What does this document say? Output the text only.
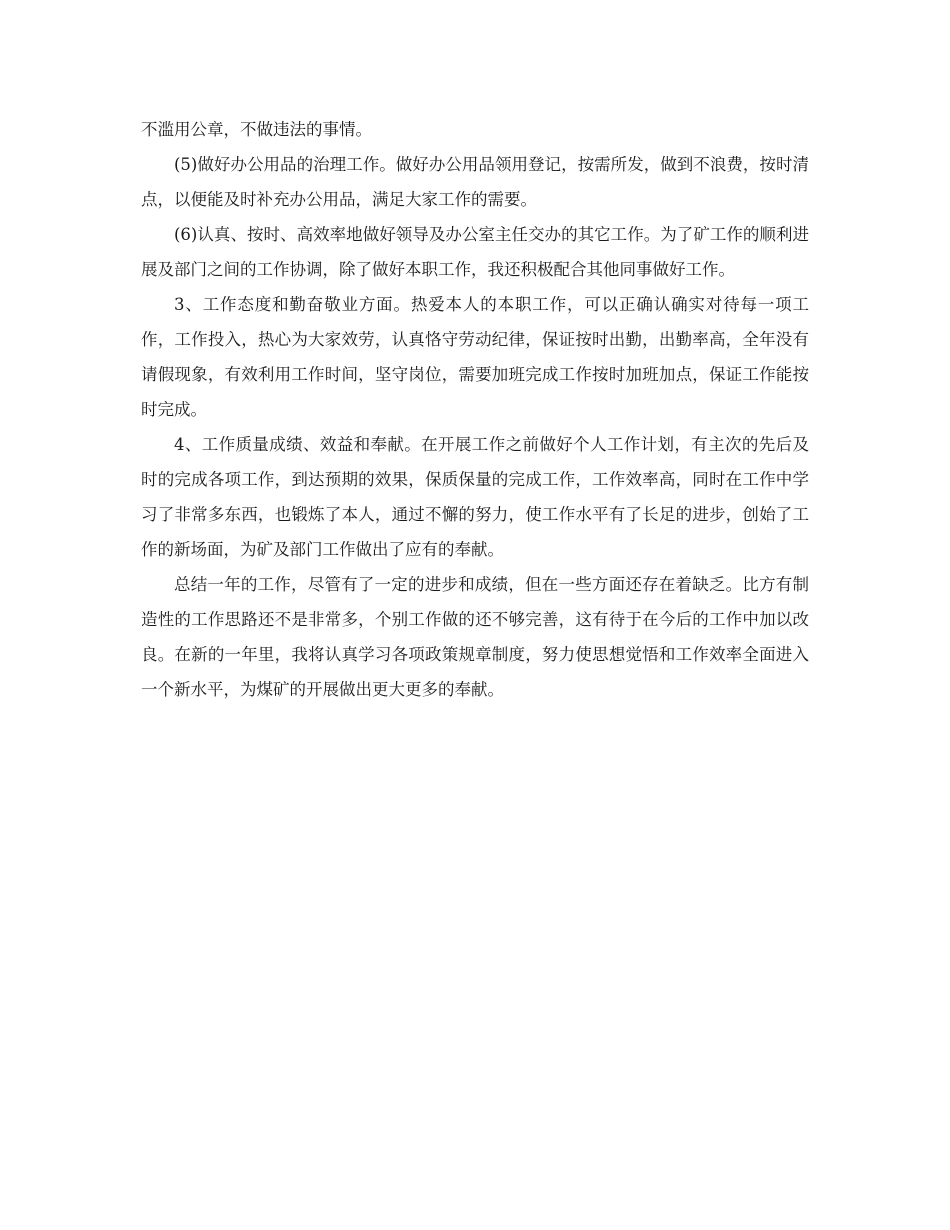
不滥用公章，不做违法的事情。

(5)做好办公用品的治理工作。做好办公用品领用登记，按需所发，做到不浪费，按时清点，以便能及时补充办公用品，满足大家工作的需要。

(6)认真、按时、高效率地做好领导及办公室主任交办的其它工作。为了矿工作的顺利进展及部门之间的工作协调，除了做好本职工作，我还积极配合其他同事做好工作。

3、工作态度和勤奋敬业方面。热爱本人的本职工作，可以正确认确实对待每一项工作，工作投入，热心为大家效劳，认真恪守劳动纪律，保证按时出勤，出勤率高，全年没有请假现象，有效利用工作时间，坚守岗位，需要加班完成工作按时加班加点，保证工作能按时完成。

4、工作质量成绩、效益和奉献。在开展工作之前做好个人工作计划，有主次的先后及时的完成各项工作，到达预期的效果，保质保量的完成工作，工作效率高，同时在工作中学习了非常多东西，也锻炼了本人，通过不懈的努力，使工作水平有了长足的进步，创始了工作的新场面，为矿及部门工作做出了应有的奉献。

总结一年的工作，尽管有了一定的进步和成绩，但在一些方面还存在着缺乏。比方有制造性的工作思路还不是非常多，个别工作做的还不够完善，这有待于在今后的工作中加以改良。在新的一年里，我将认真学习各项政策规章制度，努力使思想觉悟和工作效率全面进入一个新水平，为煤矿的开展做出更大更多的奉献。
